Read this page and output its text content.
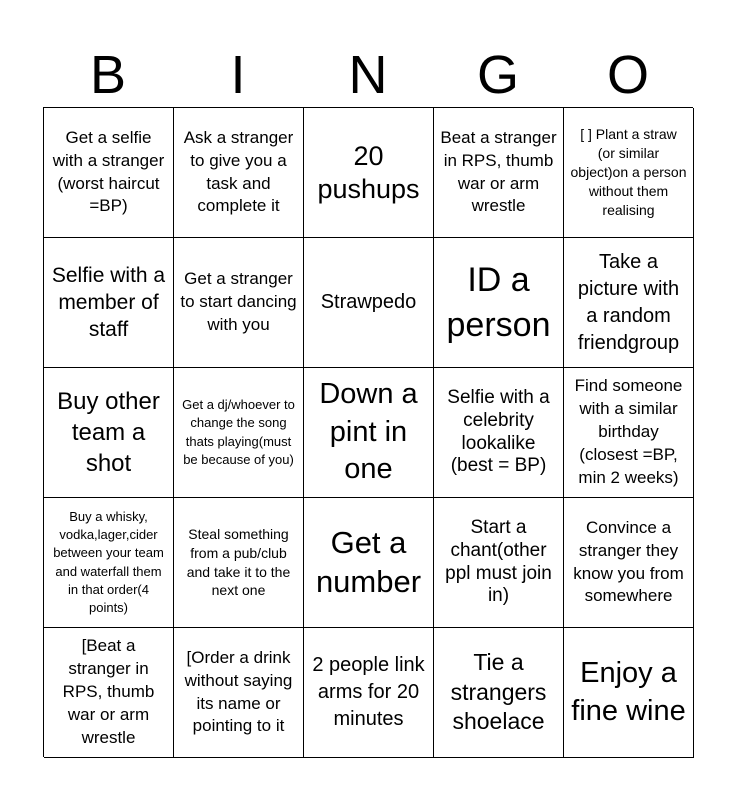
B	I	N	G	O
Get a selfie with a stranger (worst haircut =BP)
Ask a stranger to give you a task and complete it
20 pushups
Beat a stranger in RPS, thumb war or arm wrestle
[ ] Plant a straw (or similar object)on a person without them realising
Selfie with a member of staff
Get a stranger to start dancing with you
Strawpedo
ID a person
Take a picture with a random friendgroup
Buy other team a shot
Get a dj/whoever to change the song thats playing(must be because of you)
Down a pint in one
Selfie with a celebrity lookalike (best = BP)
Find someone with a similar birthday (closest =BP, min 2 weeks)
Buy a whisky, vodka,lager,cider between your team and waterfall them in that order(4 points)
Steal something from a pub/club and take it to the next one
Get a number
Start a chant(other ppl must join in)
Convince a stranger they know you from somewhere
[Beat a stranger in RPS, thumb war or arm wrestle
[Order a drink without saying its name or pointing to it
2 people link arms for 20 minutes
Tie a strangers shoelace
Enjoy a fine wine
